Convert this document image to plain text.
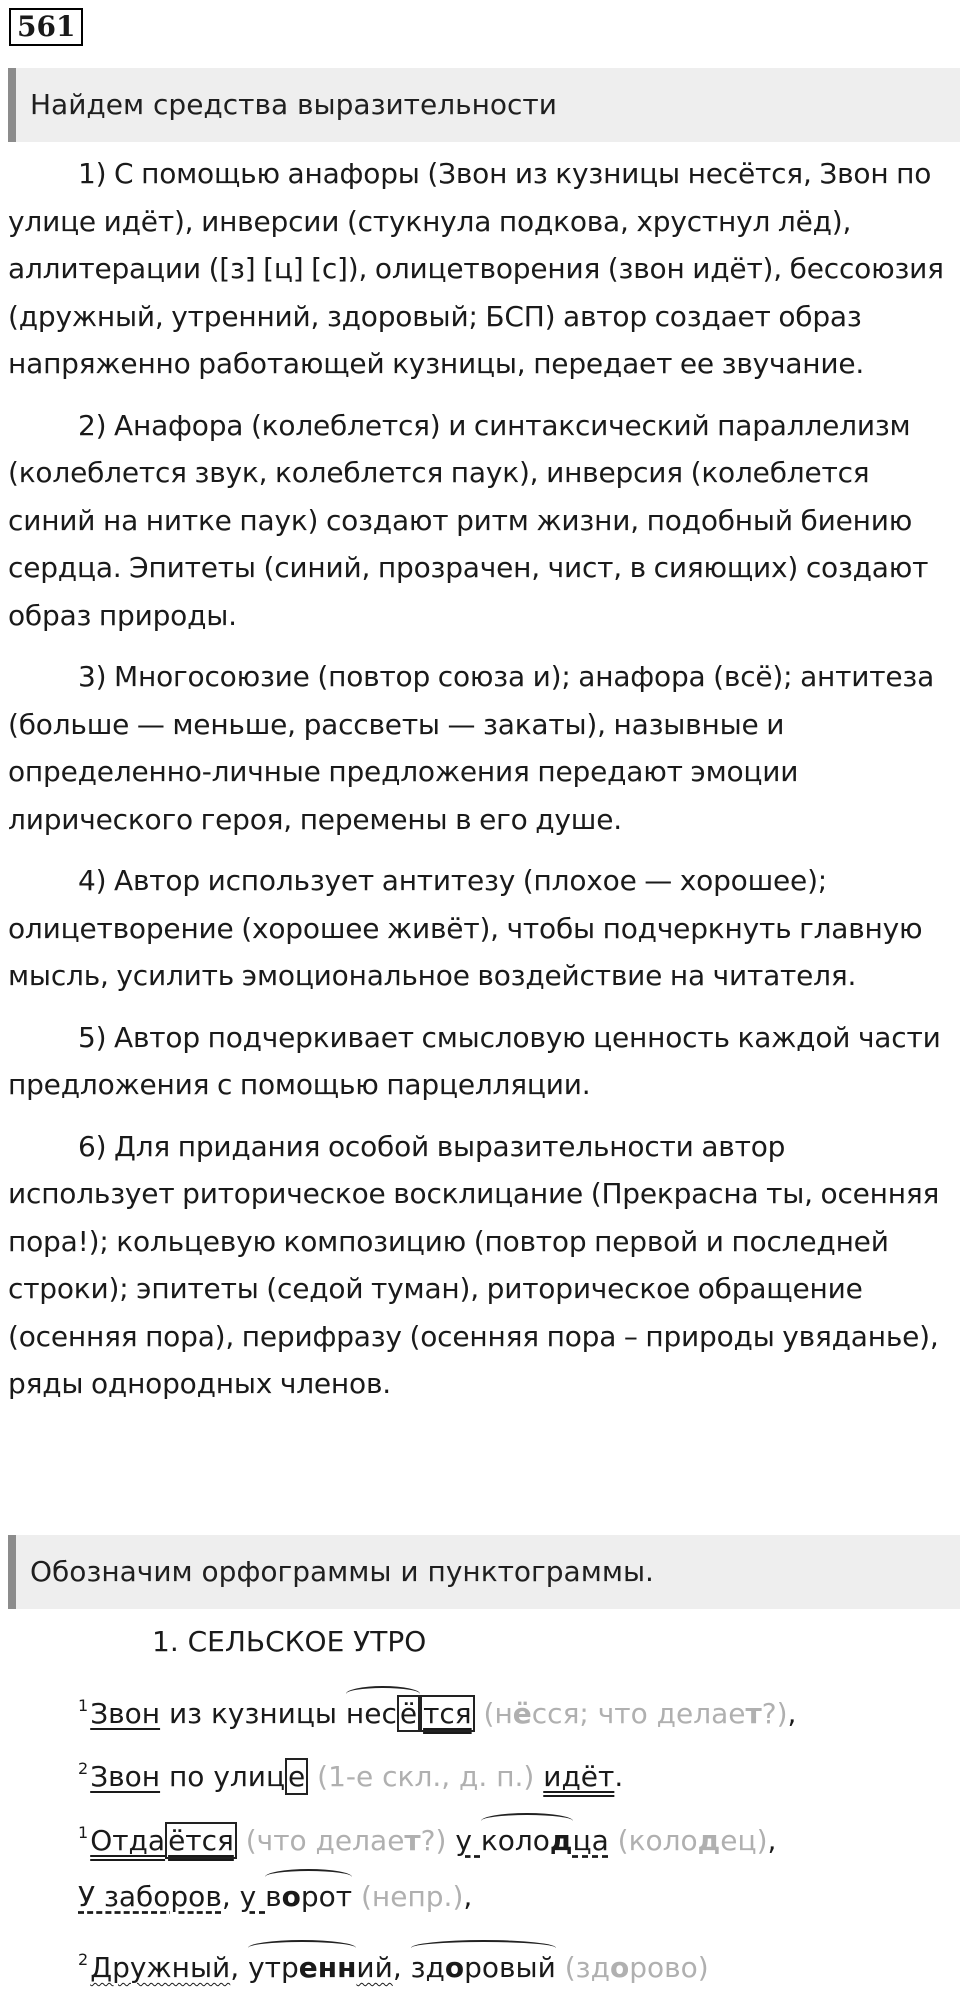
561
Найдем средства выразительности

1) С помощью анафоры (Звон из кузницы несётся, Звон по улице идёт), инверсии (стукнула подкова, хрустнул лёд), аллитерации ([з] [ц] [с]), олицетворения (звон идёт), бессоюзия (дружный, утренний, здоровый; БСП) автор создает образ напряженно работающей кузницы, передает ее звучание.

2) Анафора (колеблется) и синтаксический параллелизм (колеблется звук, колеблется паук), инверсия (колеблется синий на нитке паук) создают ритм жизни, подобный биению сердца. Эпитеты (синий, прозрачен, чист, в сияющих) создают образ природы.

3) Многосоюзие (повтор союза и); анафора (всё); антитеза (больше — меньше, рассветы — закаты), назывные и определенно-личные предложения передают эмоции лирического героя, перемены в его душе.

4) Автор использует антитезу (плохое — хорошее); олицетворение (хорошее живёт), чтобы подчеркнуть главную мысль, усилить эмоциональное воздействие на читателя.

5) Автор подчеркивает смысловую ценность каждой части предложения с помощью парцелляции.

6) Для придания особой выразительности автор использует риторическое восклицание (Прекрасна ты, осенняя пора!); кольцевую композицию (повтор первой и последней строки); эпитеты (седой туман), риторическое обращение (осенняя пора), перифразу (осенняя пора – природы увяданье), ряды однородных членов.

Обозначим орфограммы и пунктограммы.
1. СЕЛЬСКОЕ УТРО
$^1$Звон из кузницы нес ё тся (нёсся; что делает?),
$^2$Звон по улиц е (1-е скл., д. п.) идёт.
$^1$Отда ётся (что делает?) у колодца (колодец),
У заборов, у ворот (непр.),
$^2$Дружный, утренний, здоровый (здорово)
